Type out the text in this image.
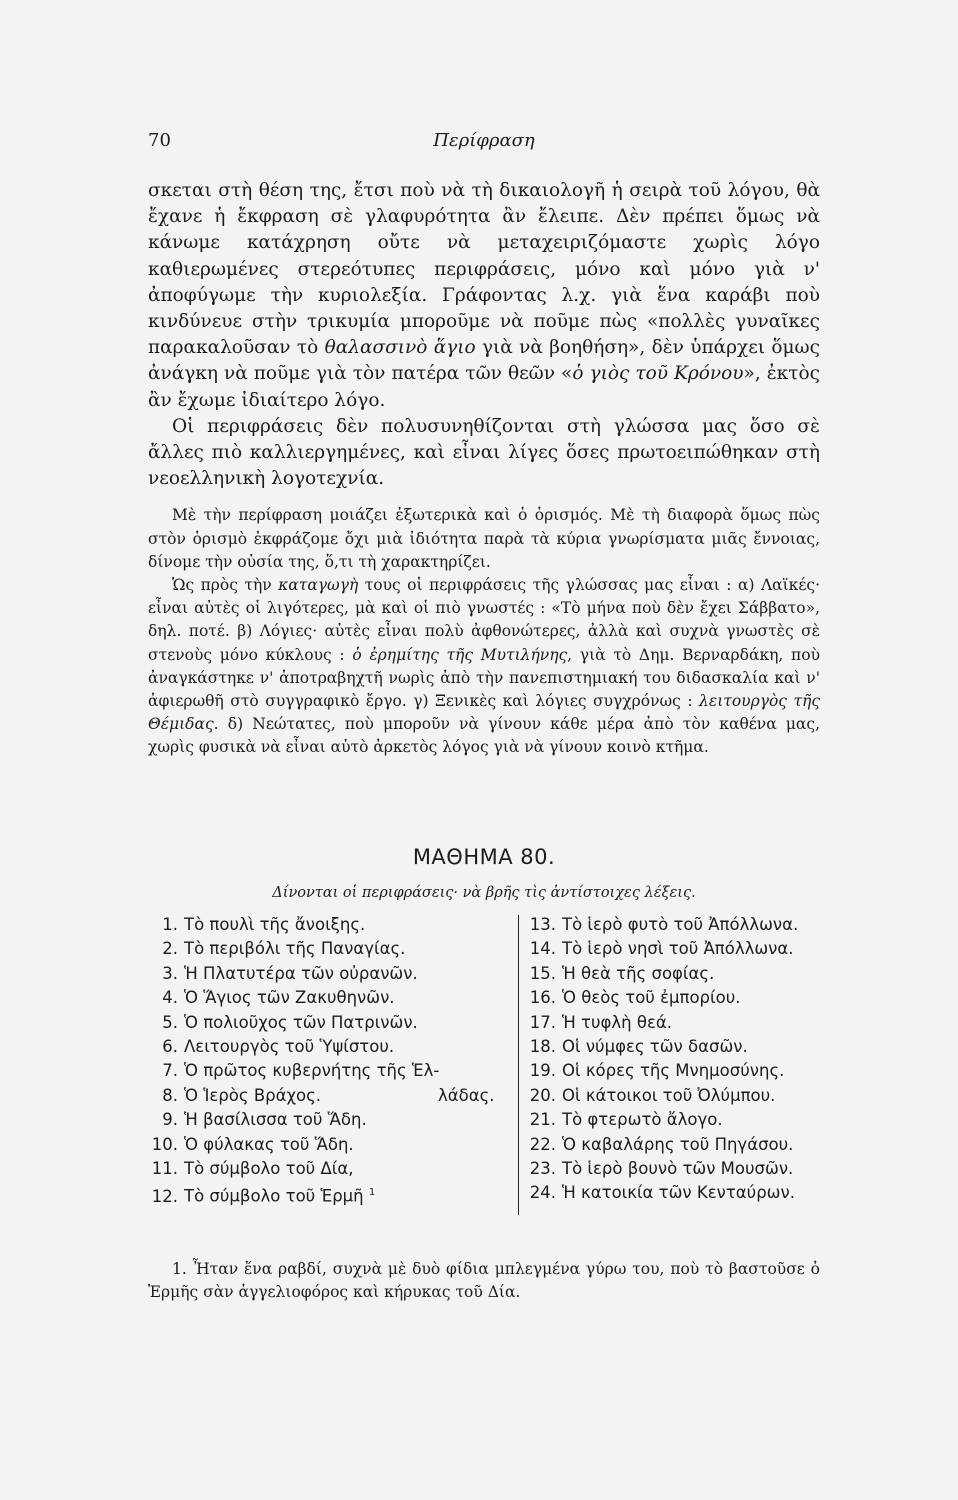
70	Περίφραση

σκεται στὴ θέση της, ἔτσι ποὺ νὰ τὴ δικαιολογῆ ἡ σειρὰ τοῦ λόγου, θὰ ἔχανε ἡ ἔκφραση σὲ γλαφυρότητα ἂν ἔλειπε. Δὲν πρέπει ὅμως νὰ κάνωμε κατάχρηση οὔτε νὰ μεταχειριζόμαστε χωρὶς λόγο καθιερωμένες στερεότυπες περιφράσεις, μόνο καὶ μόνο γιὰ ν' ἀποφύγωμε τὴν κυριολεξία. Γράφοντας λ.χ. γιὰ ἕνα καράβι ποὺ κινδύνευε στὴν τρικυμία μποροῦμε νὰ ποῦμε πὼς «πολλὲς γυναῖκες παρακαλοῦσαν τὸ θαλασσινὸ ἅγιο γιὰ νὰ βοηθήση», δὲν ὑπάρχει ὅμως ἀνάγκη νὰ ποῦμε γιὰ τὸν πατέρα τῶν θεῶν «ὁ γιὸς τοῦ Κρόνου», ἐκτὸς ἂν ἔχωμε ἰδιαίτερο λόγο.

Οἱ περιφράσεις δὲν πολυσυνηθίζονται στὴ γλώσσα μας ὅσο σὲ ἄλλες πιὸ καλλιεργημένες, καὶ εἶναι λίγες ὅσες πρωτοειπώθηκαν στὴ νεοελληνικὴ λογοτεχνία.

Μὲ τὴν περίφραση μοιάζει ἐξωτερικὰ καὶ ὁ ὁρισμός. Μὲ τὴ διαφορὰ ὅμως πὼς στὸν ὁρισμὸ ἐκφράζομε ὄχι μιὰ ἰδιότητα παρὰ τὰ κύρια γνωρίσματα μιᾶς ἔννοιας, δίνομε τὴν οὐσία της, ὅ,τι τὴ χαρακτηρίζει.

Ὡς πρὸς τὴν καταγωγὴ τους οἱ περιφράσεις τῆς γλώσσας μας εἶναι : α) Λαϊκές· εἶναι αὐτὲς οἱ λιγότερες, μὰ καὶ οἱ πιὸ γνωστές : «Τὸ μήνα ποὺ δὲν ἔχει Σάββατο», δηλ. ποτέ. β) Λόγιες· αὐτὲς εἶναι πολὺ ἀφθονώτερες, ἀλλὰ καὶ συχνὰ γνωστὲς σὲ στενοὺς μόνο κύκλους : ὁ ἐρημίτης τῆς Μυτιλήνης, γιὰ τὸ Δημ. Βερναρδάκη, ποὺ ἀναγκάστηκε ν' ἀποτραβηχτῆ νωρὶς ἀπὸ τὴν πανεπιστημιακή του διδασκαλία καὶ ν' ἀφιερωθῆ στὸ συγγραφικὸ ἔργο. γ) Ξενικὲς καὶ λόγιες συγχρόνως : λειτουργὸς τῆς Θέμιδας. δ) Νεώτατες, ποὺ μποροῦν νὰ γίνουν κάθε μέρα ἀπὸ τὸν καθένα μας, χωρὶς φυσικὰ νὰ εἶναι αὐτὸ ἀρκετὸς λόγος γιὰ νὰ γίνουν κοινὸ κτῆμα.

ΜΑΘΗΜΑ 80.
Δίνονται οἱ περιφράσεις· νὰ βρῆς τὶς ἀντίστοιχες λέξεις.
1. Τὸ πουλὶ τῆς ἄνοιξης.
2. Τὸ περιβόλι τῆς Παναγίας.
3. Ἡ Πλατυτέρα τῶν οὐρανῶν.
4. Ὁ Ἅγιος τῶν Ζακυθηνῶν.
5. Ὁ πολιοῦχος τῶν Πατρινῶν.
6. Λειτουργὸς τοῦ Ὑψίστου.
7. Ὁ πρῶτος κυβερνήτης τῆς Ἑλ-
8. Ὁ Ἱερὸς Βράχος.	λάδας.
9. Ἡ βασίλισσα τοῦ Ἅδη.
10. Ὁ φύλακας τοῦ Ἅδη.
11. Τὸ σύμβολο τοῦ Δία,
12. Τὸ σύμβολο τοῦ Ἑρμῆ $^1$
13. Τὸ ἱερὸ φυτὸ τοῦ Ἀπόλλωνα.
14. Τὸ ἱερὸ νησὶ τοῦ Ἀπόλλωνα.
15. Ἡ θεὰ τῆς σοφίας.
16. Ὁ θεὸς τοῦ ἐμπορίου.
17. Ἡ τυφλὴ θεά.
18. Οἱ νύμφες τῶν δασῶν.
19. Οἱ κόρες τῆς Μνημοσύνης.
20. Οἱ κάτοικοι τοῦ Ὀλύμπου.
21. Τὸ φτερωτὸ ἄλογο.
22. Ὁ καβαλάρης τοῦ Πηγάσου.
23. Τὸ ἱερὸ βουνὸ τῶν Μουσῶν.
24. Ἡ κατοικία τῶν Κενταύρων.

1. Ἦταν ἕνα ραβδί, συχνὰ μὲ δυὸ φίδια μπλεγμένα γύρω του, ποὺ τὸ βαστοῦσε ὁ Ἑρμῆς σὰν ἀγγελιοφόρος καὶ κήρυκας τοῦ Δία.
